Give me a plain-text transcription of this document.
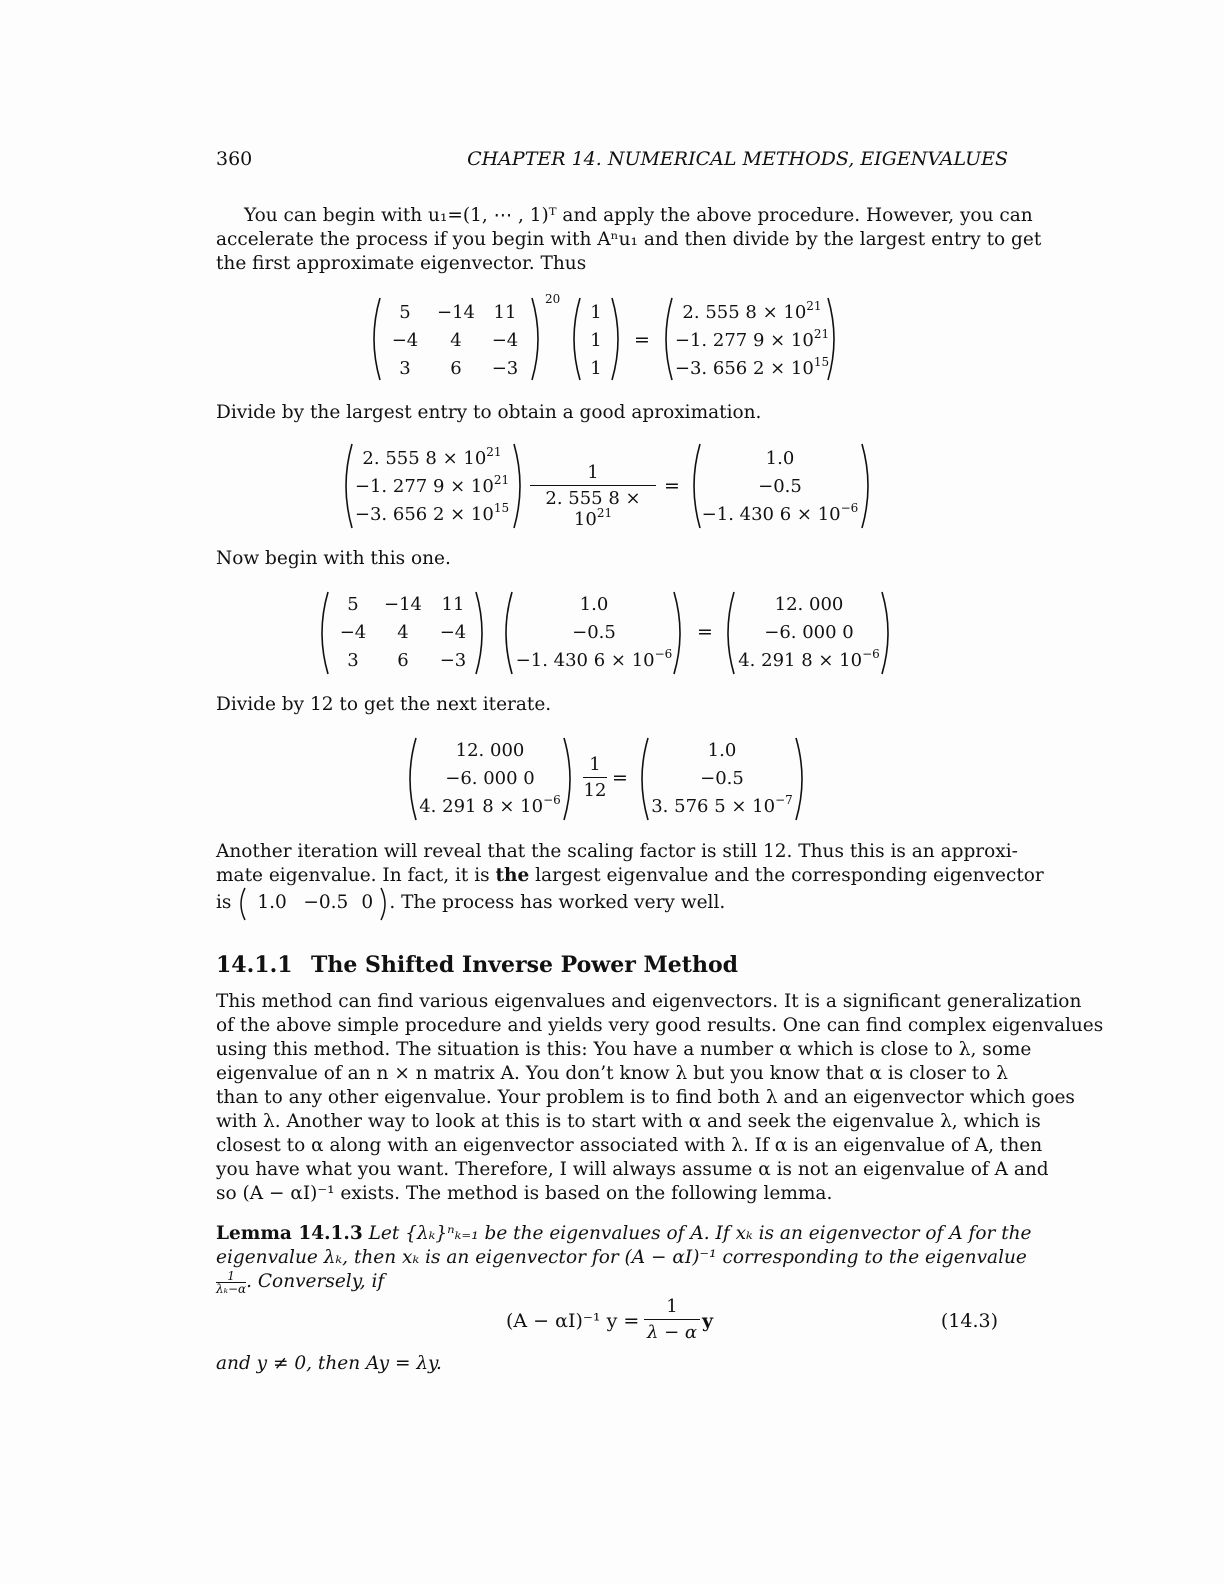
360	CHAPTER 14. NUMERICAL METHODS, EIGENVALUES
You can begin with u₁=(1, ⋯ , 1)ᵀ and apply the above procedure. However, you can
accelerate the process if you begin with Aⁿu₁ and then divide by the largest entry to get
the first approximate eigenvector. Thus
5 −14 11
−4 4 −4
3 6 −3
20
1
1
1
=
2. 555 $8 \times 10^{21}$
−1. 277 $9 \times 10^{21}$
−3. 656 $2 \times 10^{15}$
Divide by the largest entry to obtain a good aproximation.
2. 555 $8 \times 10^{21}$
−1. 277 $9 \times 10^{21}$
−3. 656 $2 \times 10^{15}$
1
2. 555 $8 \times 10^{21}$
=
1.0
−0.5
−1. 430 $6 \times 10^{-6}$
Now begin with this one.
5 −14 11
−4 4 −4
3 6 −3
1.0
−0.5
−1. 430 $6 \times 10^{-6}$
=
12. 000
−6. 000 0
4. 291 $8 \times 10^{-6}$
Divide by 12 to get the next iterate.
12. 000
−6. 000 0
4. 291 $8 \times 10^{-6}$
1
12
=
1.0
−0.5
3. 576 $5 \times 10^{-7}$
Another iteration will reveal that the scaling factor is still 12. Thus this is an approxi-
mate eigenvalue. In fact, it is the largest eigenvalue and the corresponding eigenvector
is 1.0 −0.5 0 . The process has worked very well.
14.1.1 The Shifted Inverse Power Method
This method can find various eigenvalues and eigenvectors. It is a significant generalization
of the above simple procedure and yields very good results. One can find complex eigenvalues
using this method. The situation is this: You have a number α which is close to λ, some
eigenvalue of an n × n matrix A. You don’t know λ but you know that α is closer to λ
than to any other eigenvalue. Your problem is to find both λ and an eigenvector which goes
with λ. Another way to look at this is to start with α and seek the eigenvalue λ, which is
closest to α along with an eigenvector associated with λ. If α is an eigenvalue of A, then
you have what you want. Therefore, I will always assume α is not an eigenvalue of A and
so (A − αI)⁻¹ exists. The method is based on the following lemma.
Lemma 14.1.3 Let {λₖ}ⁿₖ₌₁ be the eigenvalues of A. If xₖ is an eigenvector of A for the
eigenvalue λₖ, then xₖ is an eigenvector for (A − αI)⁻¹ corresponding to the eigenvalue
$\frac{1}{\text{λₖ−α}}$ . Conversely, if
(A − αI)⁻¹ y =
1
λ − α
y	(14.3)
and y ≠ 0, then Ay = λy.
